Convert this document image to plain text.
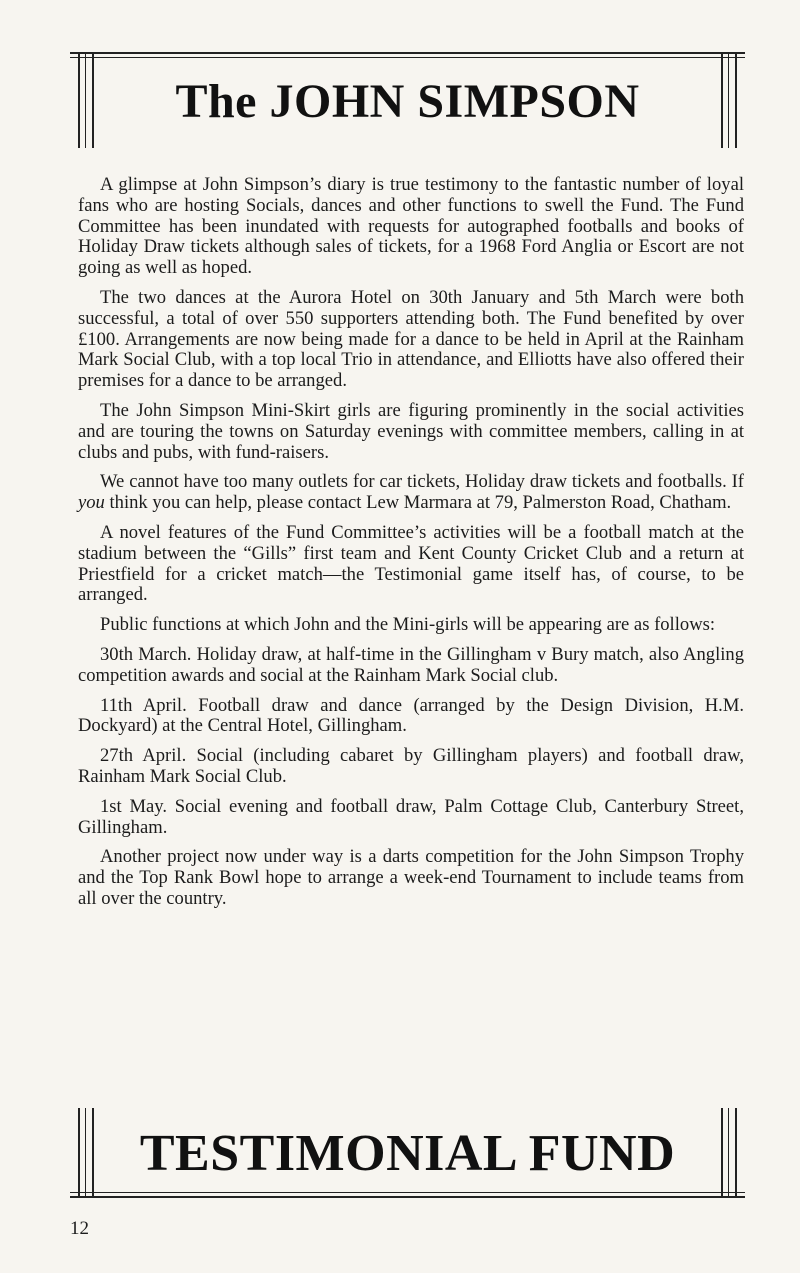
The JOHN SIMPSON

A glimpse at John Simpson’s diary is true testimony to the fantastic number of loyal fans who are hosting Socials, dances and other functions to swell the Fund. The Fund Committee has been inundated with requests for autographed footballs and books of Holiday Draw tickets although sales of tickets, for a 1968 Ford Anglia or Escort are not going as well as hoped.

The two dances at the Aurora Hotel on 30th January and 5th March were both successful, a total of over 550 supporters attending both. The Fund benefited by over £100. Arrangements are now being made for a dance to be held in April at the Rainham Mark Social Club, with a top local Trio in attendance, and Elliotts have also offered their premises for a dance to be arranged.

The John Simpson Mini-Skirt girls are figuring prominently in the social activities and are touring the towns on Saturday evenings with committee members, calling in at clubs and pubs, with fund-raisers.

We cannot have too many outlets for car tickets, Holiday draw tickets and footballs. If you think you can help, please contact Lew Marmara at 79, Palmerston Road, Chatham.

A novel features of the Fund Committee’s activities will be a football match at the stadium between the “Gills” first team and Kent County Cricket Club and a return at Priestfield for a cricket match—the Testimonial game itself has, of course, to be arranged.

Public functions at which John and the Mini-girls will be appearing are as follows:

30th March. Holiday draw, at half-time in the Gillingham v Bury match, also Angling competition awards and social at the Rainham Mark Social club.

11th April. Football draw and dance (arranged by the Design Division, H.M. Dockyard) at the Central Hotel, Gillingham.

27th April. Social (including cabaret by Gillingham players) and football draw, Rainham Mark Social Club.

1st May. Social evening and football draw, Palm Cottage Club, Canterbury Street, Gillingham.

Another project now under way is a darts competition for the John Simpson Trophy and the Top Rank Bowl hope to arrange a week-end Tournament to include teams from all over the country.

TESTIMONIAL FUND
12
